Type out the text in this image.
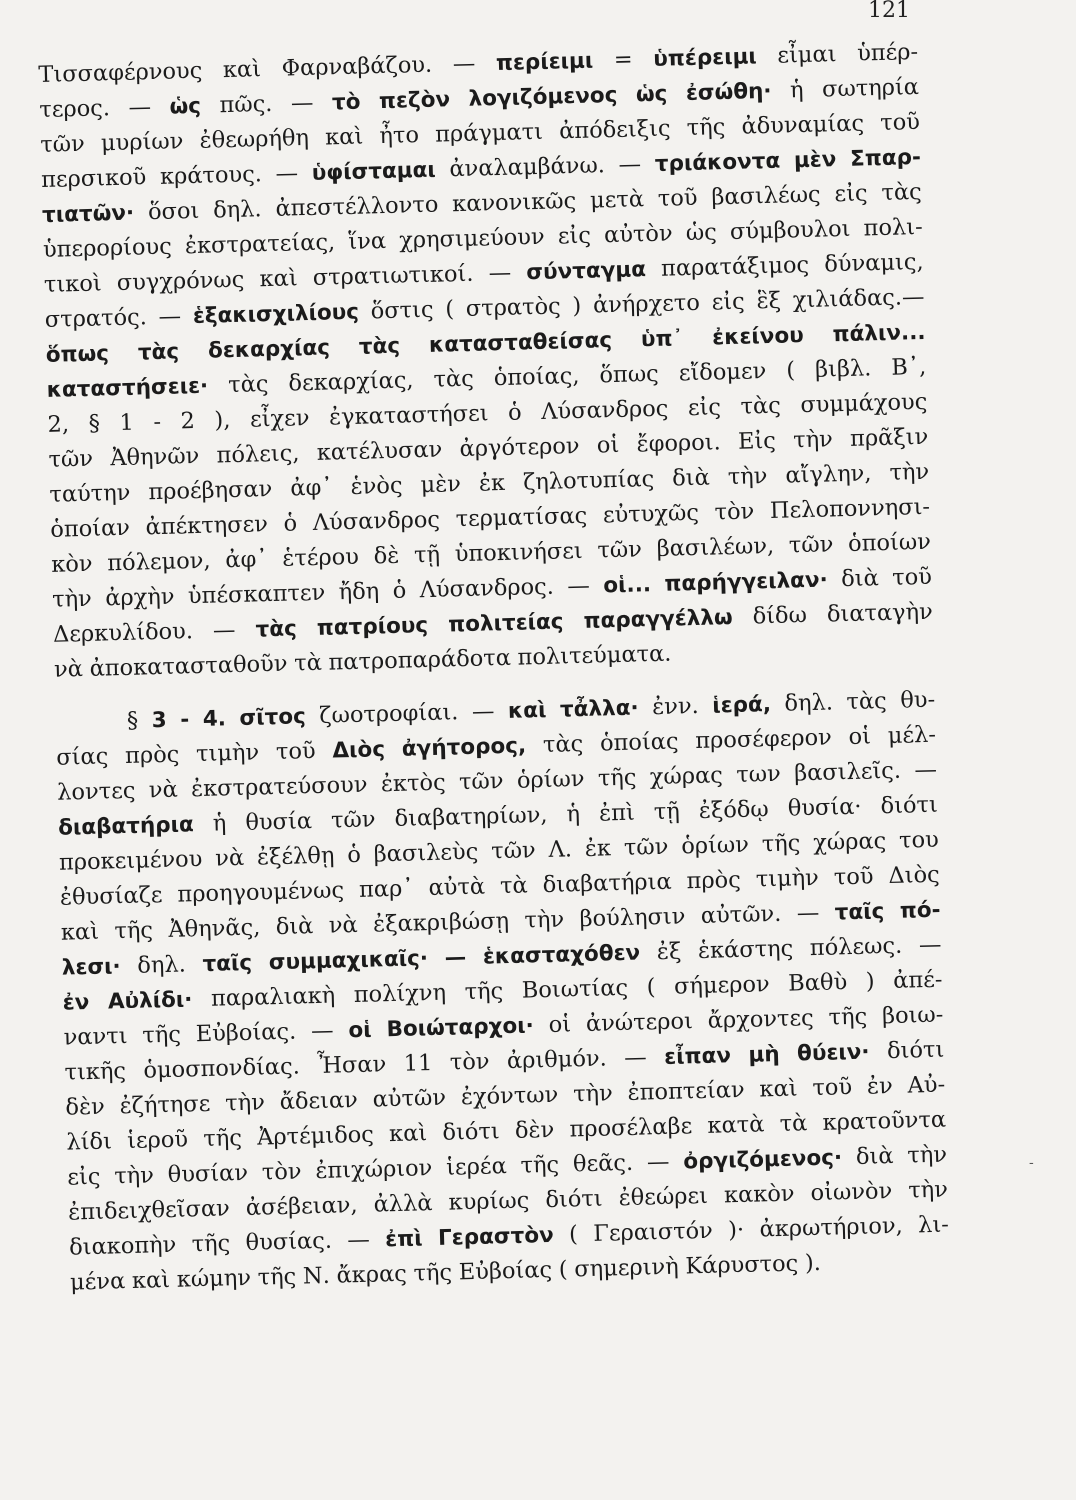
121
Τισσαφέρνους καὶ Φαρναβάζου. — περίειμι = ὑπέρειμι εἶμαι ὑπέρ-
τερος. — ὡς πῶς. — τὸ πεζὸν λογιζόμενος ὡς ἐσώθη· ἡ σωτηρία
τῶν μυρίων ἐθεωρήθη καὶ ἦτο πράγματι ἀπόδειξις τῆς ἀδυναμίας τοῦ
περσικοῦ κράτους. — ὑφίσταμαι ἀναλαμβάνω. — τριάκοντα μὲν Σπαρ-
τιατῶν· ὅσοι δηλ. ἀπεστέλλοντο κανονικῶς μετὰ τοῦ βασιλέως εἰς τὰς
ὑπερορίους ἐκστρατείας, ἵνα χρησιμεύουν εἰς αὐτὸν ὡς σύμβουλοι πολι-
τικοὶ συγχρόνως καὶ στρατιωτικοί. — σύνταγμα παρατάξιμος δύναμις,
στρατός. — ἑξακισχιλίους ὅστις ( στρατὸς ) ἀνήρχετο εἰς ἓξ χιλιάδας.—
ὅπως τὰς δεκαρχίας τὰς κατασταθείσας ὑπ᾽ ἐκείνου πάλιν...
καταστήσειε· τὰς δεκαρχίας, τὰς ὁποίας, ὅπως εἴδομεν ( βιβλ. Β᾽,
2, § 1 - 2 ), εἶχεν ἐγκαταστήσει ὁ Λύσανδρος εἰς τὰς συμμάχους
τῶν Ἀθηνῶν πόλεις, κατέλυσαν ἀργότερον οἱ ἔφοροι. Εἰς τὴν πρᾶξιν
ταύτην προέβησαν ἀφ᾽ ἑνὸς μὲν ἐκ ζηλοτυπίας διὰ τὴν αἴγλην, τὴν
ὁποίαν ἀπέκτησεν ὁ Λύσανδρος τερματίσας εὐτυχῶς τὸν Πελοποννησι-
κὸν πόλεμον, ἀφ᾽ ἑτέρου δὲ τῇ ὑποκινήσει τῶν βασιλέων, τῶν ὁποίων
τὴν ἀρχὴν ὑπέσκαπτεν ἤδη ὁ Λύσανδρος. — οἱ... παρήγγειλαν· διὰ τοῦ
Δερκυλίδου. — τὰς πατρίους πολιτείας παραγγέλλω δίδω διαταγὴν
νὰ ἀποκατασταθοῦν τὰ πατροπαράδοτα πολιτεύματα.
§ 3 - 4. σῖτος ζωοτροφίαι. — καὶ τἆλλα· ἐνν. ἱερά, δηλ. τὰς θυ-
σίας πρὸς τιμὴν τοῦ Διὸς ἀγήτορος, τὰς ὁποίας προσέφερον οἱ μέλ-
λοντες νὰ ἐκστρατεύσουν ἐκτὸς τῶν ὁρίων τῆς χώρας των βασιλεῖς. —
διαβατήρια ἡ θυσία τῶν διαβατηρίων, ἡ ἐπὶ τῇ ἐξόδῳ θυσία· διότι
προκειμένου νὰ ἐξέλθῃ ὁ βασιλεὺς τῶν Λ. ἐκ τῶν ὁρίων τῆς χώρας του
ἐθυσίαζε προηγουμένως παρ᾽ αὐτὰ τὰ διαβατήρια πρὸς τιμὴν τοῦ Διὸς
καὶ τῆς Ἀθηνᾶς, διὰ νὰ ἐξακριβώσῃ τὴν βούλησιν αὐτῶν. — ταῖς πό-
λεσι· δηλ. ταῖς συμμαχικαῖς· — ἑκασταχόθεν ἐξ ἑκάστης πόλεως. —
ἐν Αὐλίδι· παραλιακὴ πολίχνη τῆς Βοιωτίας ( σήμερον Βαθὺ ) ἀπέ-
ναντι τῆς Εὐβοίας. — οἱ Βοιώταρχοι· οἱ ἀνώτεροι ἄρχοντες τῆς βοιω-
τικῆς ὁμοσπονδίας. Ἦσαν 11 τὸν ἀριθμόν. — εἶπαν μὴ θύειν· διότι
δὲν ἐζήτησε τὴν ἄδειαν αὐτῶν ἐχόντων τὴν ἐποπτείαν καὶ τοῦ ἐν Αὐ-
λίδι ἱεροῦ τῆς Ἀρτέμιδος καὶ διότι δὲν προσέλαβε κατὰ τὰ κρατοῦντα
εἰς τὴν θυσίαν τὸν ἐπιχώριον ἱερέα τῆς θεᾶς. — ὀργιζόμενος· διὰ τὴν
ἐπιδειχθεῖσαν ἀσέβειαν, ἀλλὰ κυρίως διότι ἐθεώρει κακὸν οἰωνὸν τὴν
διακοπὴν τῆς θυσίας. — ἐπὶ Γεραστὸν ( Γεραιστόν )· ἀκρωτήριον, λι-
μένα καὶ κώμην τῆς Ν. ἄκρας τῆς Εὐβοίας ( σημερινὴ Κάρυστος ).
-
